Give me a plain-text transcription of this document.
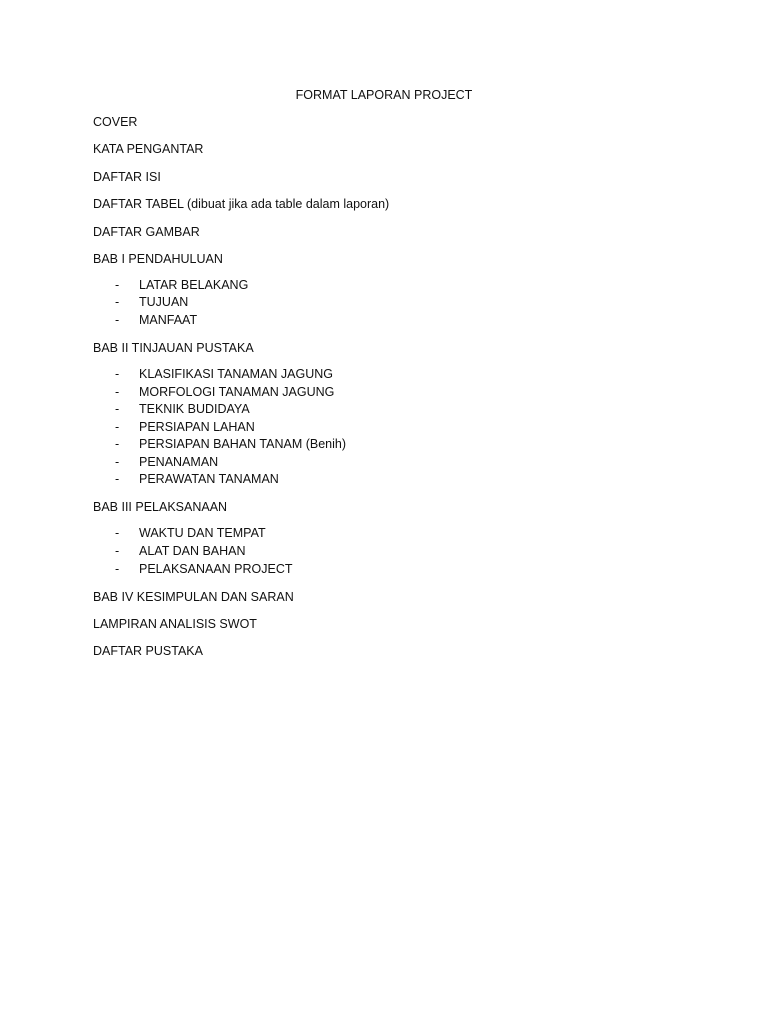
FORMAT LAPORAN PROJECT
COVER
KATA PENGANTAR
DAFTAR ISI
DAFTAR TABEL (dibuat jika ada table dalam laporan)
DAFTAR GAMBAR
BAB I PENDAHULUAN
- LATAR BELAKANG
- TUJUAN
- MANFAAT
BAB II TINJAUAN PUSTAKA
- KLASIFIKASI TANAMAN JAGUNG
- MORFOLOGI TANAMAN JAGUNG
- TEKNIK BUDIDAYA
- PERSIAPAN LAHAN
- PERSIAPAN BAHAN TANAM (Benih)
- PENANAMAN
- PERAWATAN TANAMAN
BAB III PELAKSANAAN
- WAKTU DAN TEMPAT
- ALAT DAN BAHAN
- PELAKSANAAN PROJECT
BAB IV KESIMPULAN DAN SARAN
LAMPIRAN ANALISIS SWOT
DAFTAR PUSTAKA
